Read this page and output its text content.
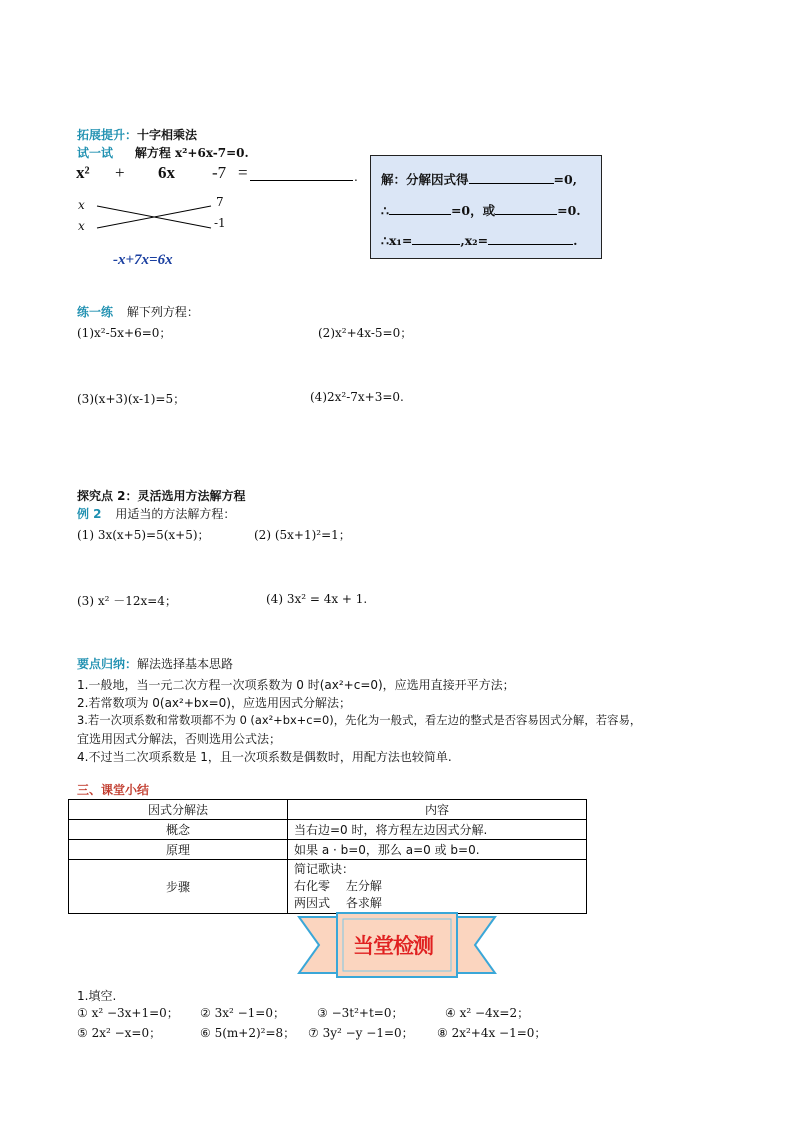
拓展提升：十字相乘法
试一试 解方程 x²+6x-7=0.
x² + 6x -7 =	.
x
x
7
-1
-x+7x=6x
解：分解因式得	=0,
∴	=0，或	=0.
∴x₁=	,x₂=	.
练一练 解下列方程：
(1)x²-5x+6=0；	(2)x²+4x-5=0；
(3)(x+3)(x-1)=5；	(4)2x²-7x+3=0.
探究点 2：灵活选用方法解方程
例 2 用适当的方法解方程：
(1) 3x(x+5)=5(x+5)；	(2) (5x+1)²=1；
(3) x² －12x=4；	(4) 3x² = 4x + 1.
要点归纳：解法选择基本思路
1.一般地，当一元二次方程一次项系数为 0 时(ax²+c=0)，应选用直接开平方法；
2.若常数项为 0(ax²+bx=0)，应选用因式分解法；
3.若一次项系数和常数项都不为 0 (ax²+bx+c=0)，先化为一般式，看左边的整式是否容易因式分解，若容易，
宜选用因式分解法，否则选用公式法；
4.不过当二次项系数是 1，且一次项系数是偶数时，用配方法也较简单.
三、课堂小结
因式分解法	内容
概念	当右边=0 时，将方程左边因式分解.
原理	如果 a · b=0，那么 a=0 或 b=0.
步骤	简记歌诀：
右化零　 左分解
两因式　 各求解
当堂检测
1.填空.
① x² −3x+1=0； ② 3x² −1=0；	③ −3t²+t=0；	④ x² −4x=2；
⑤ 2x² −x=0；	⑥ 5(m+2)²=8； ⑦ 3y² −y −1=0； ⑧ 2x²+4x −1=0；
